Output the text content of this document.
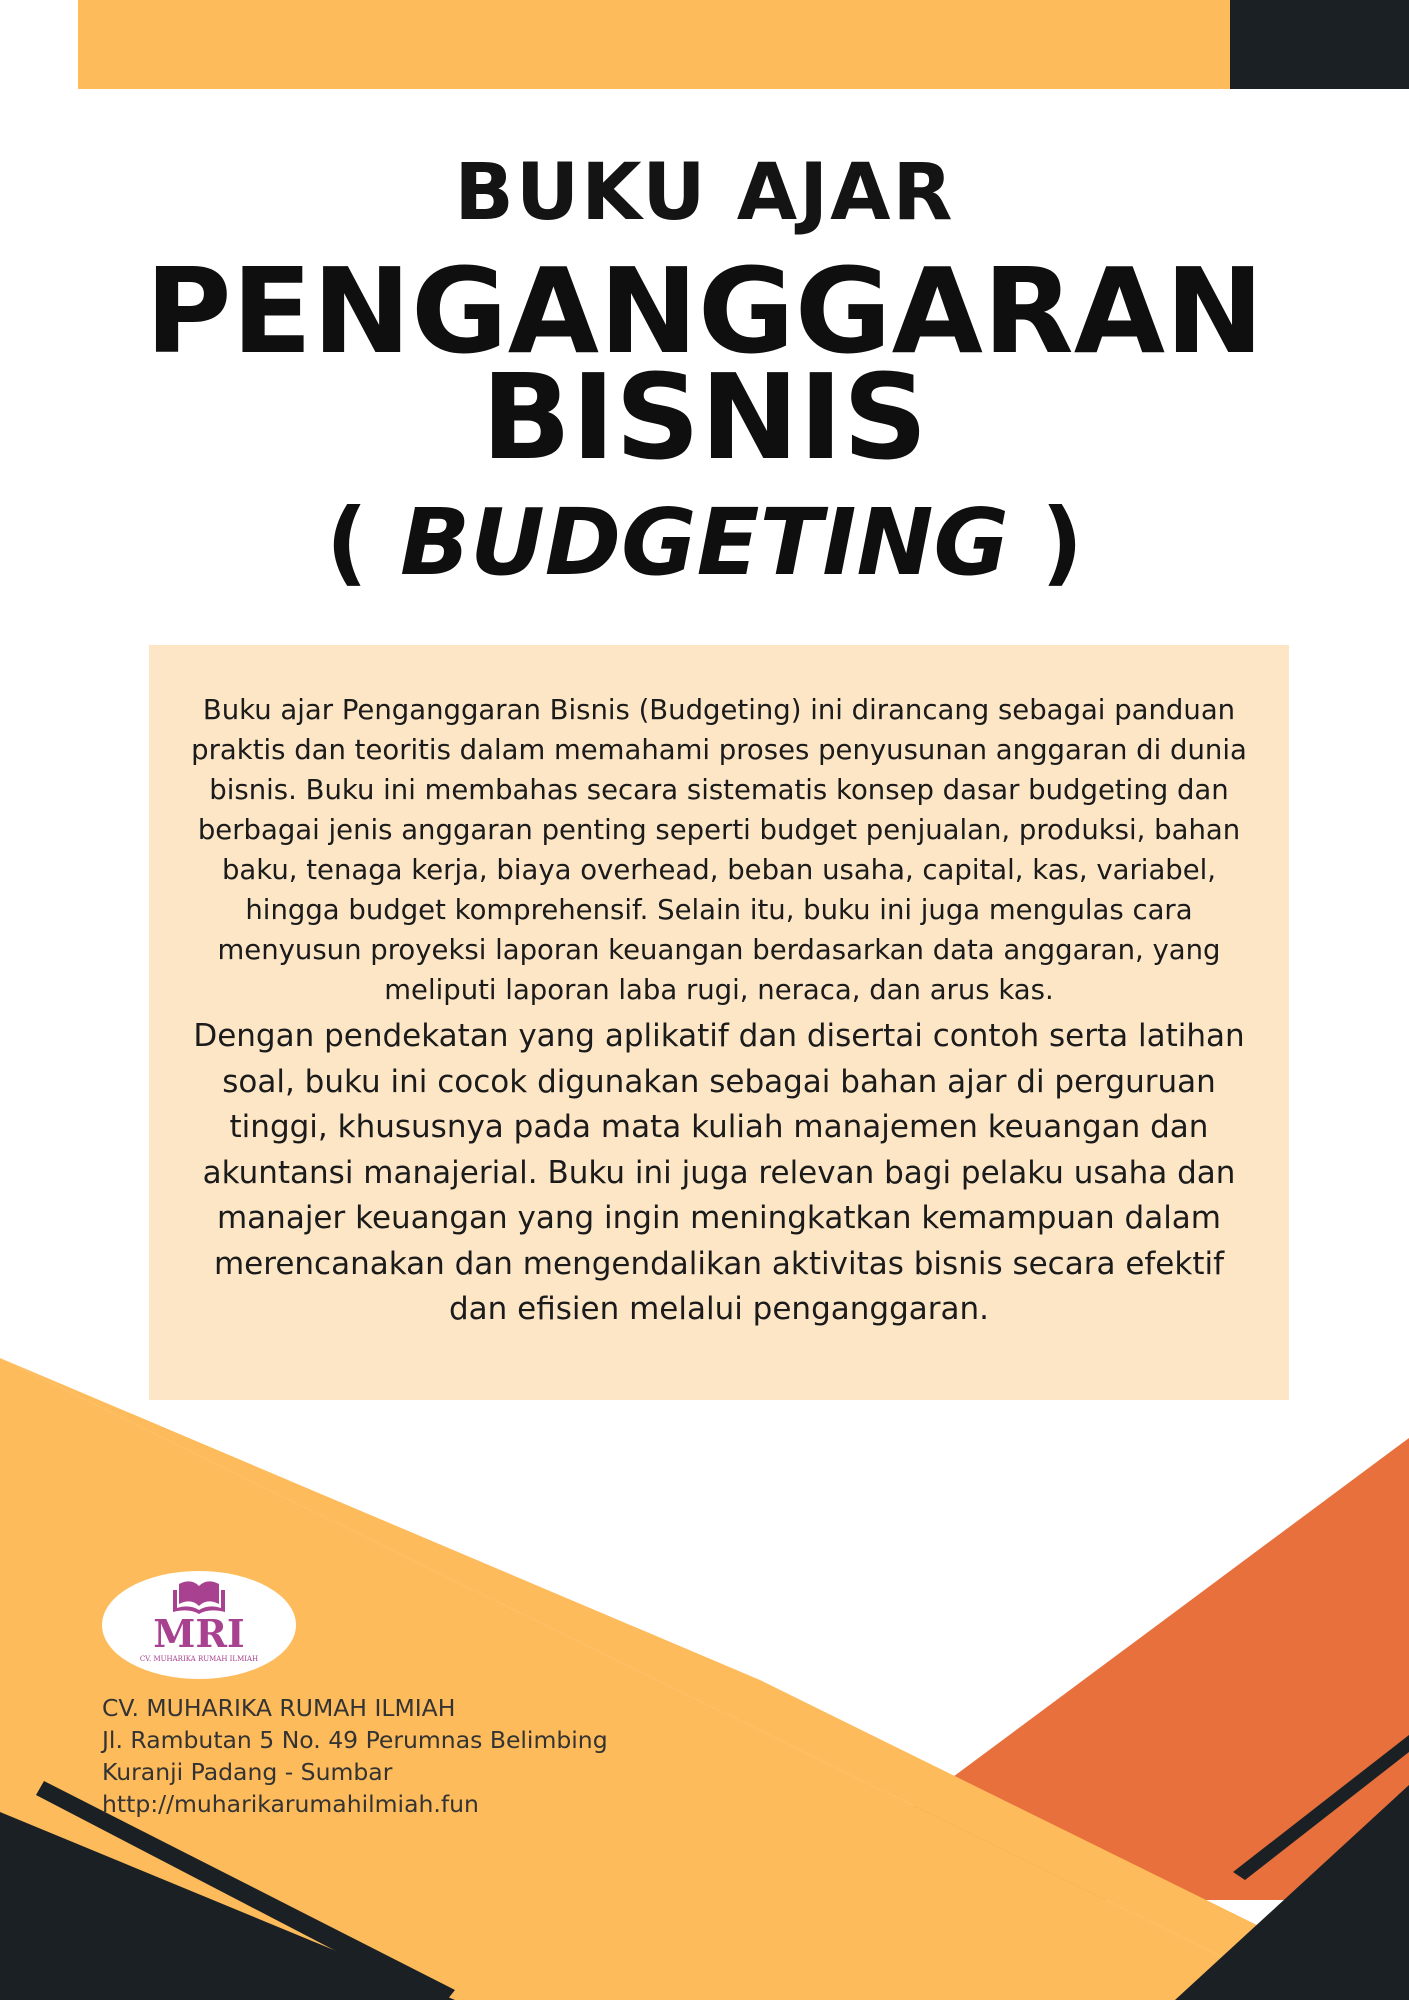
BUKU AJAR
PENGANGGARAN
BISNIS
( BUDGETING )

Buku ajar Penganggaran Bisnis (Budgeting) ini dirancang sebagai panduan praktis dan teoritis dalam memahami proses penyusunan anggaran di dunia bisnis. Buku ini membahas secara sistematis konsep dasar budgeting dan berbagai jenis anggaran penting seperti budget penjualan, produksi, bahan baku, tenaga kerja, biaya overhead, beban usaha, capital, kas, variabel, hingga budget komprehensif. Selain itu, buku ini juga mengulas cara menyusun proyeksi laporan keuangan berdasarkan data anggaran, yang meliputi laporan laba rugi, neraca, dan arus kas.

Dengan pendekatan yang aplikatif dan disertai contoh serta latihan soal, buku ini cocok digunakan sebagai bahan ajar di perguruan tinggi, khususnya pada mata kuliah manajemen keuangan dan akuntansi manajerial. Buku ini juga relevan bagi pelaku usaha dan manajer keuangan yang ingin meningkatkan kemampuan dalam merencanakan dan mengendalikan aktivitas bisnis secara efektif dan efisien melalui penganggaran.

MRI
CV. MUHARIKA RUMAH ILMIAH
CV. MUHARIKA RUMAH ILMIAH
Jl. Rambutan 5 No. 49 Perumnas Belimbing
Kuranji Padang - Sumbar
http://muharikarumahilmiah.fun
